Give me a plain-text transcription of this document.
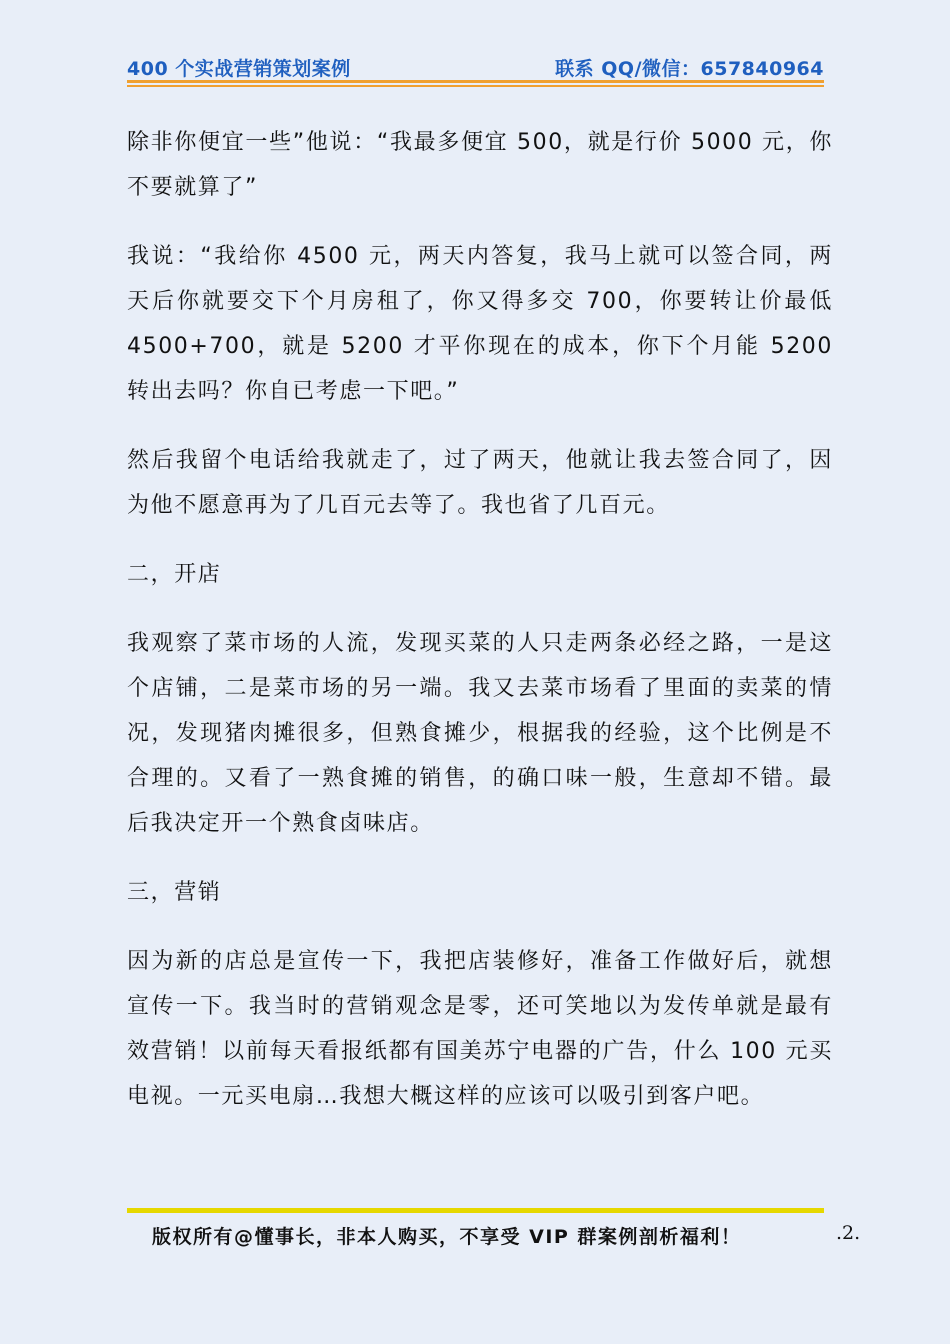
400 个实战营销策划案例	联系 QQ/微信：657840964

除非你便宜一些”他说：“我最多便宜 500，就是行价 5000 元，你不要就算了”

我说：“我给你 4500 元，两天内答复，我马上就可以签合同，两天后你就要交下个月房租了，你又得多交 700，你要转让价最低 4500+700，就是 5200 才平你现在的成本，你下个月能 5200 转出去吗？你自已考虑一下吧。”

然后我留个电话给我就走了，过了两天，他就让我去签合同了，因为他不愿意再为了几百元去等了。我也省了几百元。

二，开店

我观察了菜市场的人流，发现买菜的人只走两条必经之路，一是这个店铺，二是菜市场的另一端。我又去菜市场看了里面的卖菜的情况，发现猪肉摊很多，但熟食摊少，根据我的经验，这个比例是不合理的。又看了一熟食摊的销售，的确口味一般，生意却不错。最后我决定开一个熟食卤味店。

三，营销

因为新的店总是宣传一下，我把店装修好，准备工作做好后，就想宣传一下。我当时的营销观念是零，还可笑地以为发传单就是最有效营销！以前每天看报纸都有国美苏宁电器的广告，什么 100 元买电视。一元买电扇…我想大概这样的应该可以吸引到客户吧。

版权所有@懂事长，非本人购买，不享受 VIP 群案例剖析福利！	.2.
